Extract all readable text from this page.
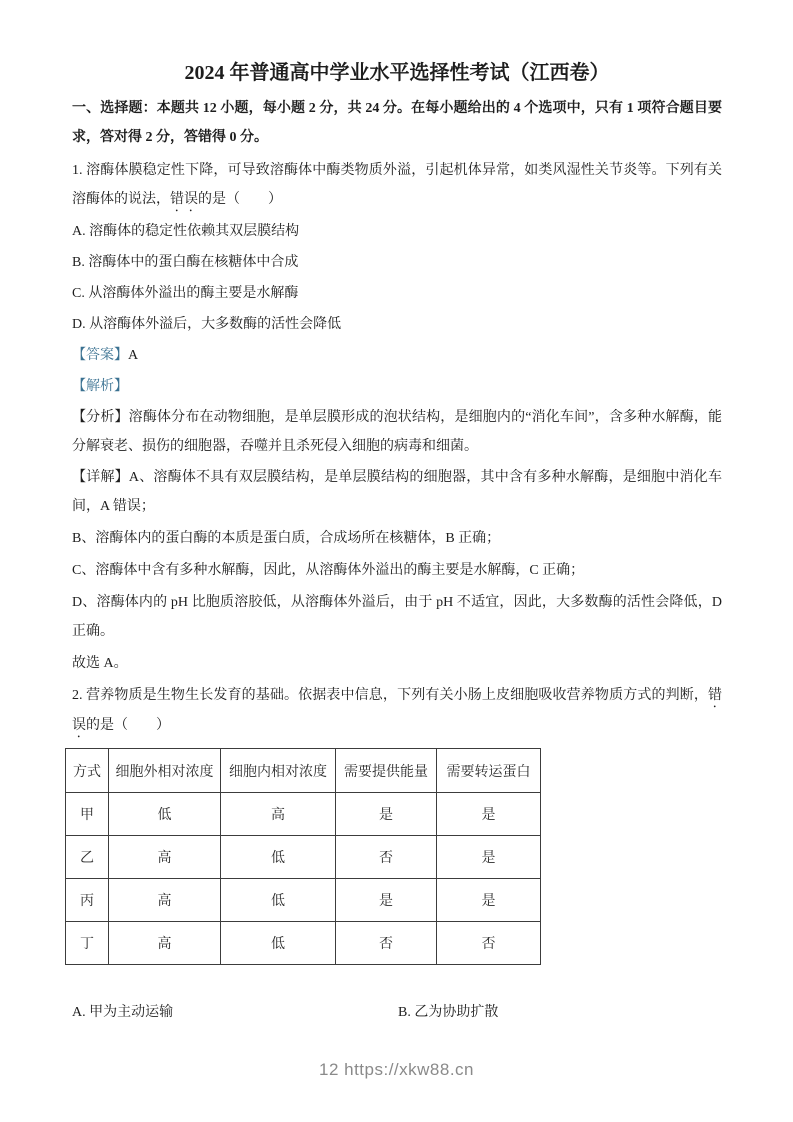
2024 年普通高中学业水平选择性考试（江西卷）

一、选择题：本题共 12 小题，每小题 2 分，共 24 分。在每小题给出的 4 个选项中，只有 1 项符合题目要求，答对得 2 分，答错得 0 分。

1. 溶酶体膜稳定性下降，可导致溶酶体中酶类物质外溢，引起机体异常，如类风湿性关节炎等。下列有关溶酶体的说法，错误的是（　　）

A. 溶酶体的稳定性依赖其双层膜结构

B. 溶酶体中的蛋白酶在核糖体中合成

C. 从溶酶体外溢出的酶主要是水解酶

D. 从溶酶体外溢后，大多数酶的活性会降低

【答案】A

【解析】

【分析】溶酶体分布在动物细胞，是单层膜形成的泡状结构，是细胞内的“消化车间”，含多种水解酶，能分解衰老、损伤的细胞器，吞噬并且杀死侵入细胞的病毒和细菌。

【详解】A、溶酶体不具有双层膜结构，是单层膜结构的细胞器，其中含有多种水解酶，是细胞中消化车间，A 错误；

B、溶酶体内的蛋白酶的本质是蛋白质，合成场所在核糖体，B 正确；

C、溶酶体中含有多种水解酶，因此，从溶酶体外溢出的酶主要是水解酶，C 正确；

D、溶酶体内的 pH 比胞质溶胶低，从溶酶体外溢后，由于 pH 不适宜，因此，大多数酶的活性会降低，D 正确。

故选 A。

2. 营养物质是生物生长发育的基础。依据表中信息，下列有关小肠上皮细胞吸收营养物质方式的判断，错误的是（　　）

方式	细胞外相对浓度	细胞内相对浓度	需要提供能量	需要转运蛋白
甲	低	高	是	是
乙	高	低	否	是
丙	高	低	是	是
丁	高	低	否	否
A. 甲为主动运输	B. 乙为协助扩散
12 https://xkw88.cn
